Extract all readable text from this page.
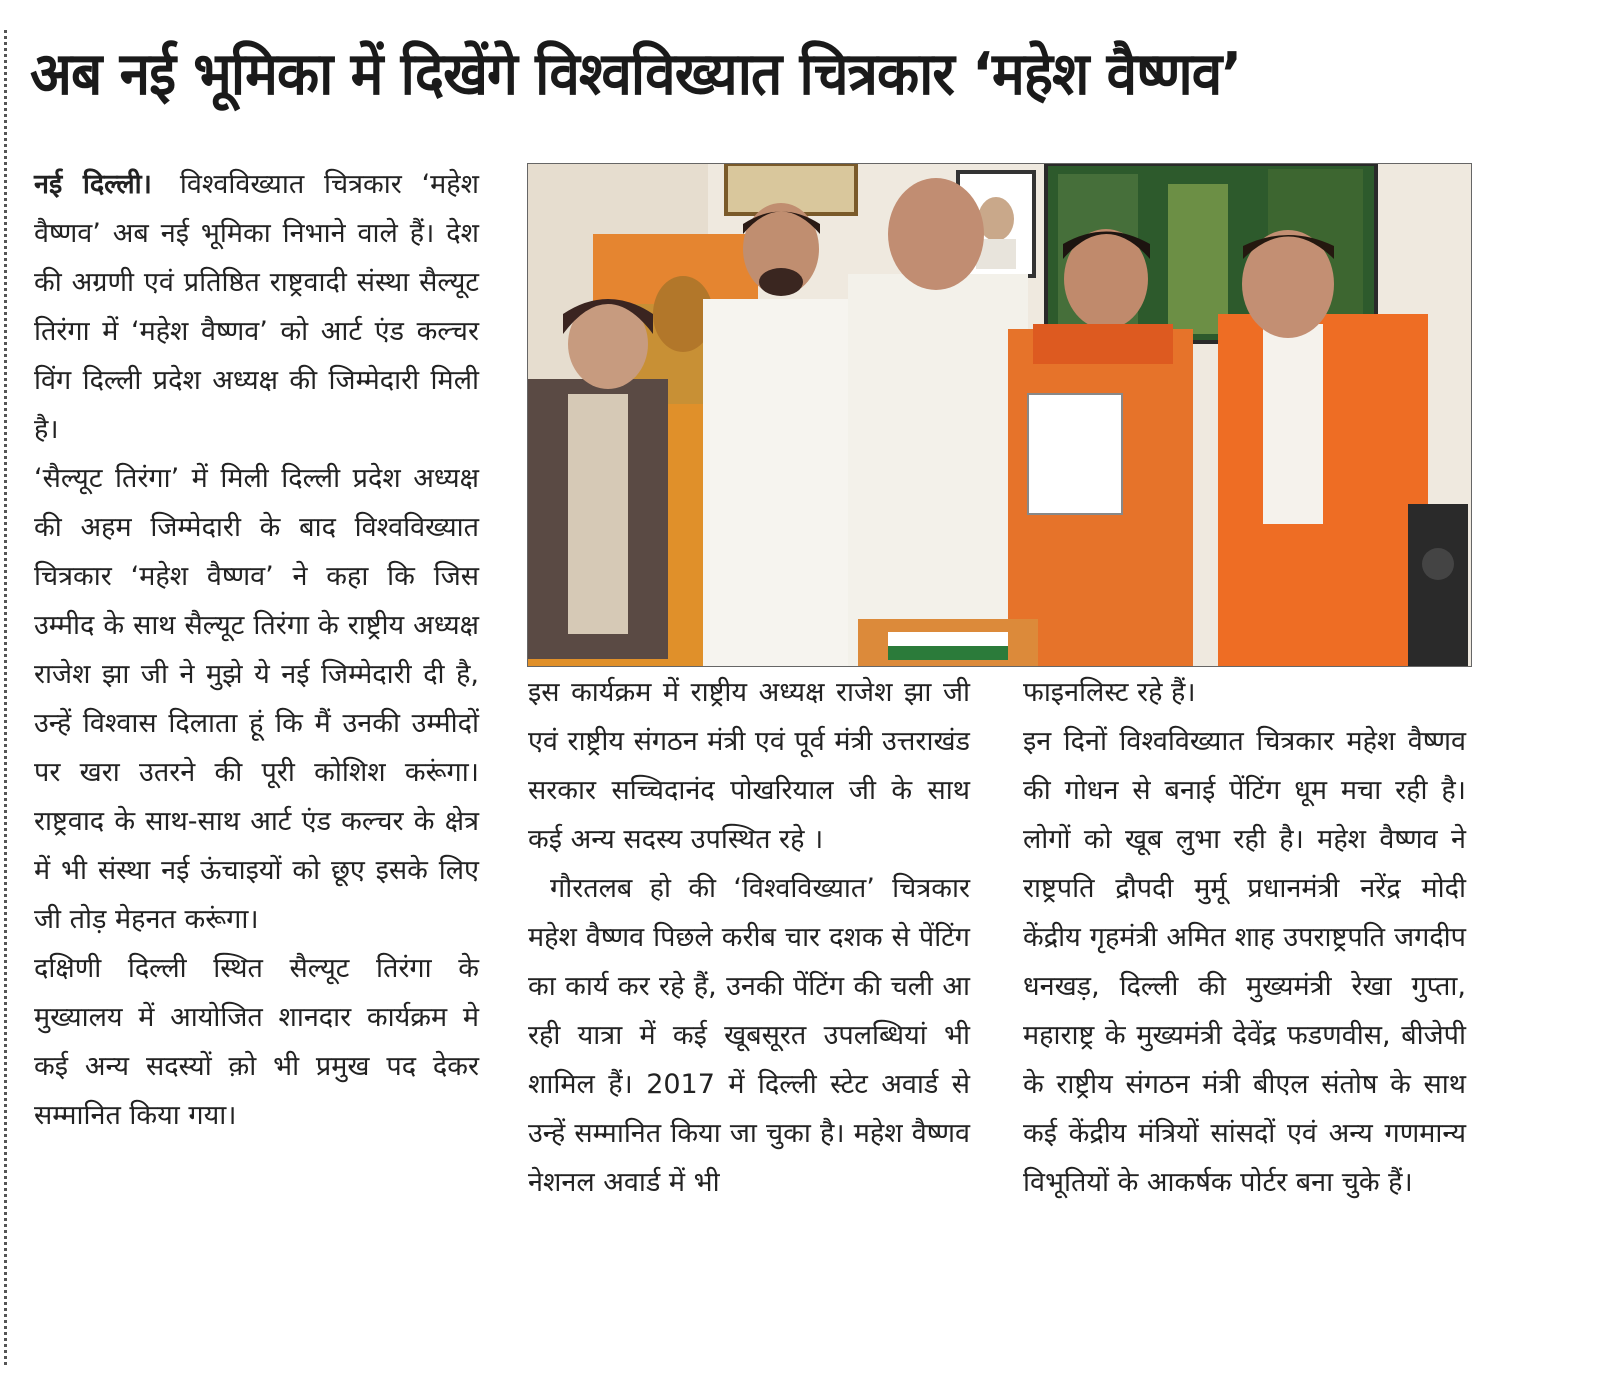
अब नई भूमिका में दिखेंगे विश्वविख्यात चित्रकार ‘महेश वैष्णव’

नई दिल्ली। विश्वविख्यात चित्रकार ‘महेश वैष्णव’ अब नई भूमिका निभाने वाले हैं। देश की अग्रणी एवं प्रतिष्ठित राष्ट्रवादी संस्था सैल्यूट तिरंगा में ‘महेश वैष्णव’ को आर्ट एंड कल्चर विंग दिल्ली प्रदेश अध्यक्ष की जिम्मेदारी मिली है।

‘सैल्यूट तिरंगा’ में मिली दिल्ली प्रदेश अध्यक्ष की अहम जिम्मेदारी के बाद विश्वविख्यात चित्रकार ‘महेश वैष्णव’ ने कहा कि जिस उम्मीद के साथ सैल्यूट तिरंगा के राष्ट्रीय अध्यक्ष राजेश झा जी ने मुझे ये नई जिम्मेदारी दी है, उन्हें विश्वास दिलाता हूं कि मैं उनकी उम्मीदों पर खरा उतरने की पूरी कोशिश करूंगा।राष्ट्रवाद के साथ-साथ आर्ट एंड कल्चर के क्षेत्र में भी संस्था नई ऊंचाइयों को छूए इसके लिए जी तोड़ मेहनत करूंगा।

दक्षिणी दिल्ली स्थित सैल्यूट तिरंगा के मुख्यालय में आयोजित शानदार कार्यक्रम मे कई अन्य सदस्यों क़ो भी प्रमुख पद देकर सम्मानित किया गया।

इस कार्यक्रम में राष्ट्रीय अध्यक्ष राजेश झा जी एवं राष्ट्रीय संगठन मंत्री एवं पूर्व मंत्री उत्तराखंड सरकार सच्चिदानंद पोखरियाल जी के साथ कई अन्य सदस्य उपस्थित रहे ।

गौरतलब हो की ‘विश्वविख्यात’ चित्रकार महेश वैष्णव पिछले करीब चार दशक से पेंटिंग का कार्य कर रहे हैं, उनकी पेंटिंग की चली आ रही यात्रा में कई खूबसूरत उपलब्धियां भी शामिल हैं। 2017 में दिल्ली स्टेट अवार्ड से उन्हें सम्मानित किया जा चुका है। महेश वैष्णव नेशनल अवार्ड में भी

फाइनलिस्ट रहे हैं।

इन दिनों विश्वविख्यात चित्रकार महेश वैष्णव की गोधन से बनाई पेंटिंग धूम मचा रही है। लोगों को खूब लुभा रही है। महेश वैष्णव ने राष्ट्रपति द्रौपदी मुर्मू प्रधानमंत्री नरेंद्र मोदी केंद्रीय गृहमंत्री अमित शाह उपराष्ट्रपति जगदीप धनखड़, दिल्ली की मुख्यमंत्री रेखा गुप्ता, महाराष्ट्र के मुख्यमंत्री देवेंद्र फडणवीस, बीजेपी के राष्ट्रीय संगठन मंत्री बीएल संतोष के साथ कई केंद्रीय मंत्रियों सांसदों एवं अन्य गणमान्य विभूतियों के आकर्षक पोर्टर बना चुके हैं।
